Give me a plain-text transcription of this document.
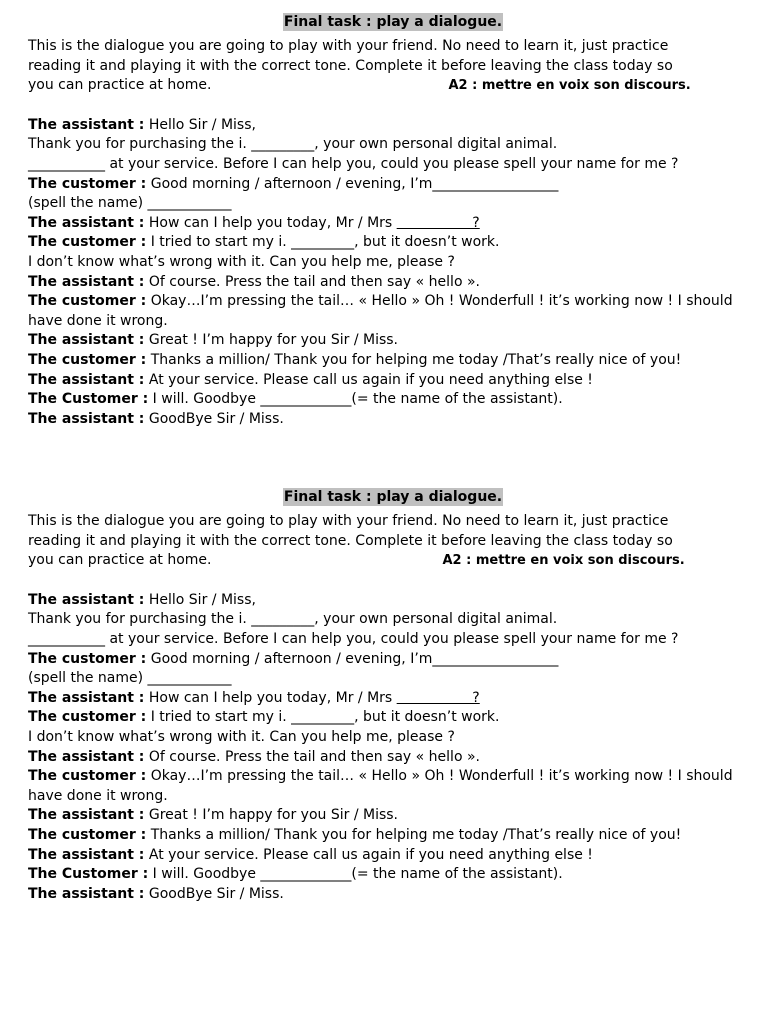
Final task : play a dialogue.
This is the dialogue you are going to play with your friend. No need to learn it, just practice
reading it and playing it with the correct tone. Complete it before leaving the class today so
you can practice at home.	A2 : mettre en voix son discours.
The assistant : Hello Sir / Miss,
Thank you for purchasing the i. _________, your own personal digital animal.
___________ at your service. Before I can help you, could you please spell your name for me ?
The customer : Good morning / afternoon / evening, I’m__________________
(spell the name) ____________
The assistant : How can I help you today, Mr / Mrs                  ?
The customer : I tried to start my i. _________, but it doesn’t work.
I don’t know what’s wrong with it. Can you help me, please ?
The assistant : Of course. Press the tail and then say « hello ».
The customer : Okay…I’m pressing the tail… « Hello » Oh ! Wonderfull ! it’s working now ! I should have done it wrong.
The assistant : Great ! I’m happy for you Sir / Miss.
The customer : Thanks a million/ Thank you for helping me today /That’s really nice of you!
The assistant : At your service. Please call us again if you need anything else !
The Customer : I will. Goodbye _____________(= the name of the assistant).
The assistant : GoodBye Sir / Miss.
Final task : play a dialogue.
This is the dialogue you are going to play with your friend. No need to learn it, just practice
reading it and playing it with the correct tone. Complete it before leaving the class today so
you can practice at home.	A2 : mettre en voix son discours.
The assistant : Hello Sir / Miss,
Thank you for purchasing the i. _________, your own personal digital animal.
___________ at your service. Before I can help you, could you please spell your name for me ?
The customer : Good morning / afternoon / evening, I’m__________________
(spell the name) ____________
The assistant : How can I help you today, Mr / Mrs                  ?
The customer : I tried to start my i. _________, but it doesn’t work.
I don’t know what’s wrong with it. Can you help me, please ?
The assistant : Of course. Press the tail and then say « hello ».
The customer : Okay…I’m pressing the tail… « Hello » Oh ! Wonderfull ! it’s working now ! I should have done it wrong.
The assistant : Great ! I’m happy for you Sir / Miss.
The customer : Thanks a million/ Thank you for helping me today /That’s really nice of you!
The assistant : At your service. Please call us again if you need anything else !
The Customer : I will. Goodbye _____________(= the name of the assistant).
The assistant : GoodBye Sir / Miss.
